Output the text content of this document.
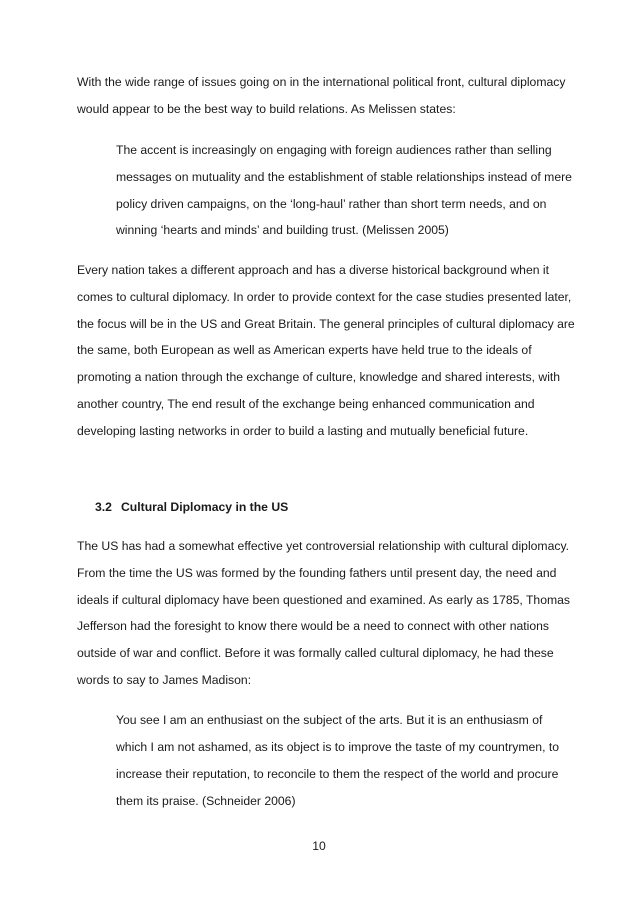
With the wide range of issues going on in the international political front, cultural diplomacy
would appear to be the best way to build relations. As Melissen states:
The accent is increasingly on engaging with foreign audiences rather than selling
messages on mutuality and the establishment of stable relationships instead of mere
policy driven campaigns, on the ‘long-haul’ rather than short term needs, and on
winning ‘hearts and minds’ and building trust. (Melissen 2005)
Every nation takes a different approach and has a diverse historical background when it
comes to cultural diplomacy. In order to provide context for the case studies presented later,
the focus will be in the US and Great Britain. The general principles of cultural diplomacy are
the same, both European as well as American experts have held true to the ideals of
promoting a nation through the exchange of culture, knowledge and shared interests, with
another country, The end result of the exchange being enhanced communication and
developing lasting networks in order to build a lasting and mutually beneficial future.
3.2 Cultural Diplomacy in the US
The US has had a somewhat effective yet controversial relationship with cultural diplomacy.
From the time the US was formed by the founding fathers until present day, the need and
ideals if cultural diplomacy have been questioned and examined. As early as 1785, Thomas
Jefferson had the foresight to know there would be a need to connect with other nations
outside of war and conflict. Before it was formally called cultural diplomacy, he had these
words to say to James Madison:
You see I am an enthusiast on the subject of the arts. But it is an enthusiasm of
which I am not ashamed, as its object is to improve the taste of my countrymen, to
increase their reputation, to reconcile to them the respect of the world and procure
them its praise. (Schneider 2006)
10
